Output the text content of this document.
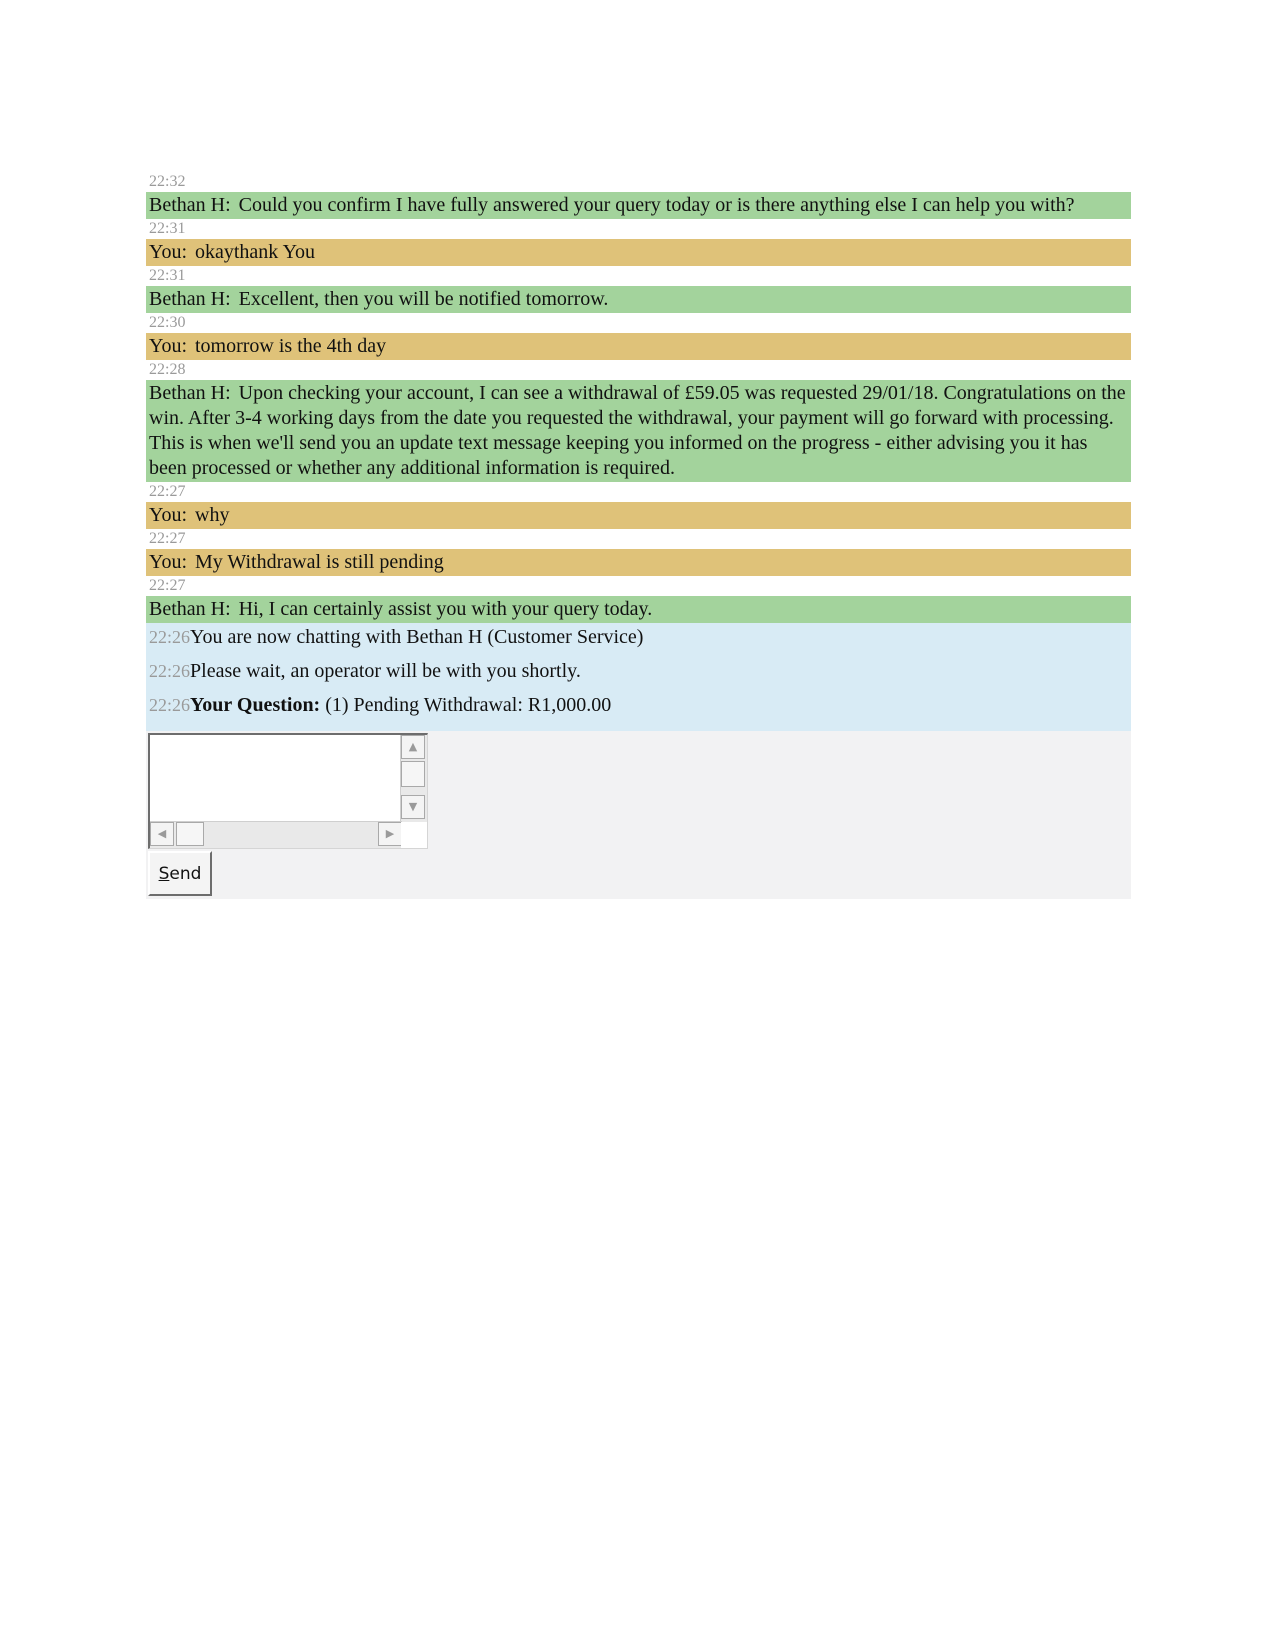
22:32
Bethan H: Could you confirm I have fully answered your query today or is there anything else I can help you with?
22:31
You: okaythank You
22:31
Bethan H: Excellent, then you will be notified tomorrow.
22:30
You: tomorrow is the 4th day
22:28
Bethan H: Upon checking your account, I can see a withdrawal of £59.05 was requested 29/01/18. Congratulations on the win. After 3-4 working days from the date you requested the withdrawal, your payment will go forward with processing. This is when we'll send you an update text message keeping you informed on the progress - either advising you it has been processed or whether any additional information is required.
22:27
You: why
22:27
You: My Withdrawal is still pending
22:27
Bethan H: Hi, I can certainly assist you with your query today.
22:26You are now chatting with Bethan H (Customer Service)
22:26Please wait, an operator will be with you shortly.
22:26Your Question: (1) Pending Withdrawal: R1,000.00
▲
▼
◀	▶
Send
